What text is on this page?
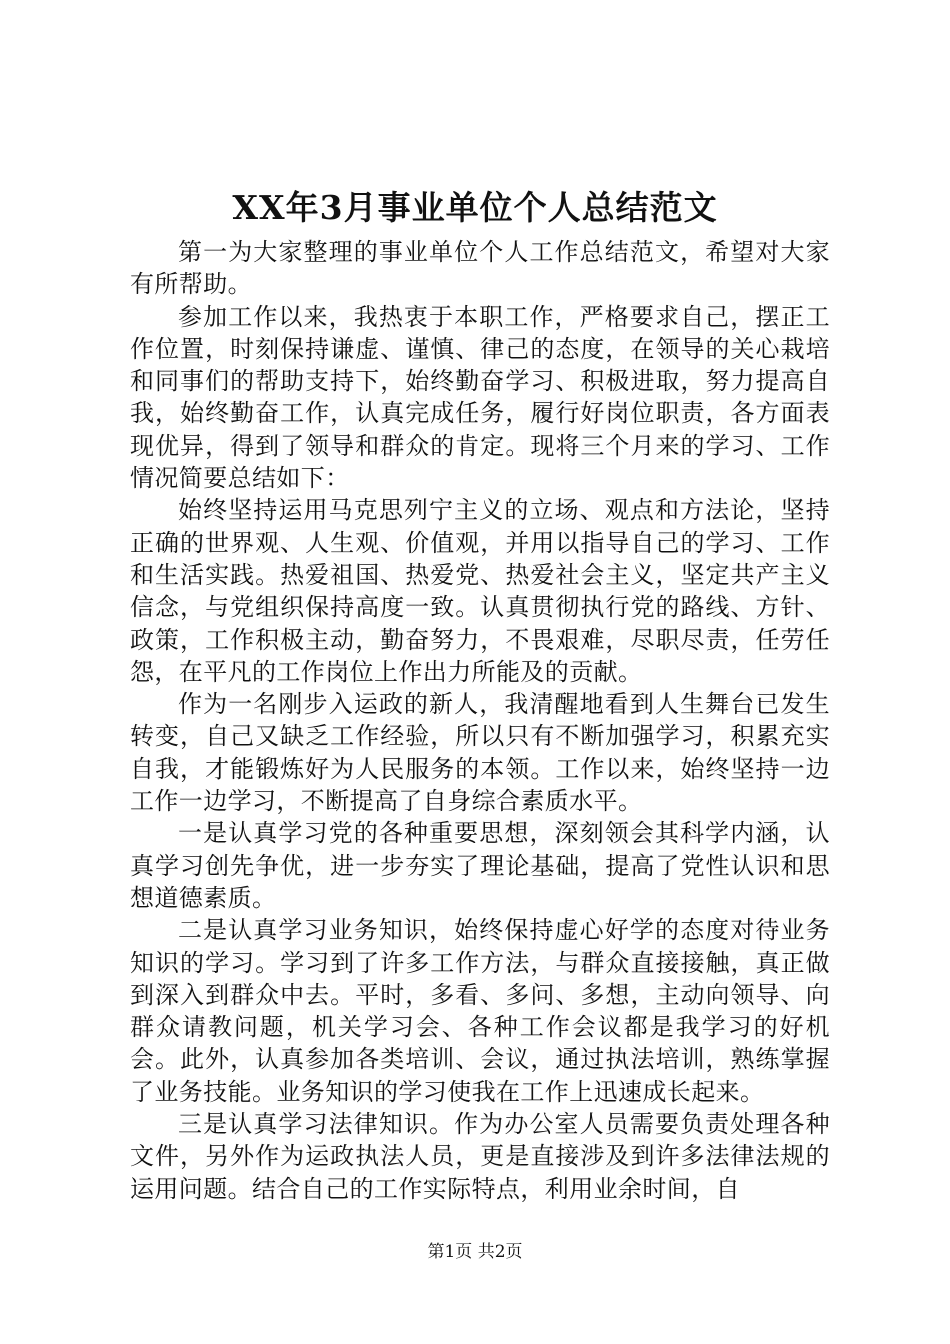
XX年3月事业单位个人总结范文

第一为大家整理的事业单位个人工作总结范文，希望对大家有所帮助。

参加工作以来，我热衷于本职工作，严格要求自己，摆正工作位置，时刻保持谦虚、谨慎、律己的态度，在领导的关心栽培和同事们的帮助支持下，始终勤奋学习、积极进取，努力提高自我，始终勤奋工作，认真完成任务，履行好岗位职责，各方面表现优异，得到了领导和群众的肯定。现将三个月来的学习、工作情况简要总结如下：

始终坚持运用马克思列宁主义的立场、观点和方法论，坚持正确的世界观、人生观、价值观，并用以指导自己的学习、工作和生活实践。热爱祖国、热爱党、热爱社会主义，坚定共产主义信念，与党组织保持高度一致。认真贯彻执行党的路线、方针、政策，工作积极主动，勤奋努力，不畏艰难，尽职尽责，任劳任怨，在平凡的工作岗位上作出力所能及的贡献。

作为一名刚步入运政的新人，我清醒地看到人生舞台已发生转变，自己又缺乏工作经验，所以只有不断加强学习，积累充实自我，才能锻炼好为人民服务的本领。工作以来，始终坚持一边工作一边学习，不断提高了自身综合素质水平。

一是认真学习党的各种重要思想，深刻领会其科学内涵，认真学习创先争优，进一步夯实了理论基础，提高了党性认识和思想道德素质。

二是认真学习业务知识，始终保持虚心好学的态度对待业务知识的学习。学习到了许多工作方法，与群众直接接触，真正做到深入到群众中去。平时，多看、多问、多想，主动向领导、向群众请教问题，机关学习会、各种工作会议都是我学习的好机会。此外，认真参加各类培训、会议，通过执法培训，熟练掌握了业务技能。业务知识的学习使我在工作上迅速成长起来。

三是认真学习法律知识。作为办公室人员需要负责处理各种文件，另外作为运政执法人员，更是直接涉及到许多法律法规的运用问题。结合自己的工作实际特点，利用业余时间，自

第1页 共2页
